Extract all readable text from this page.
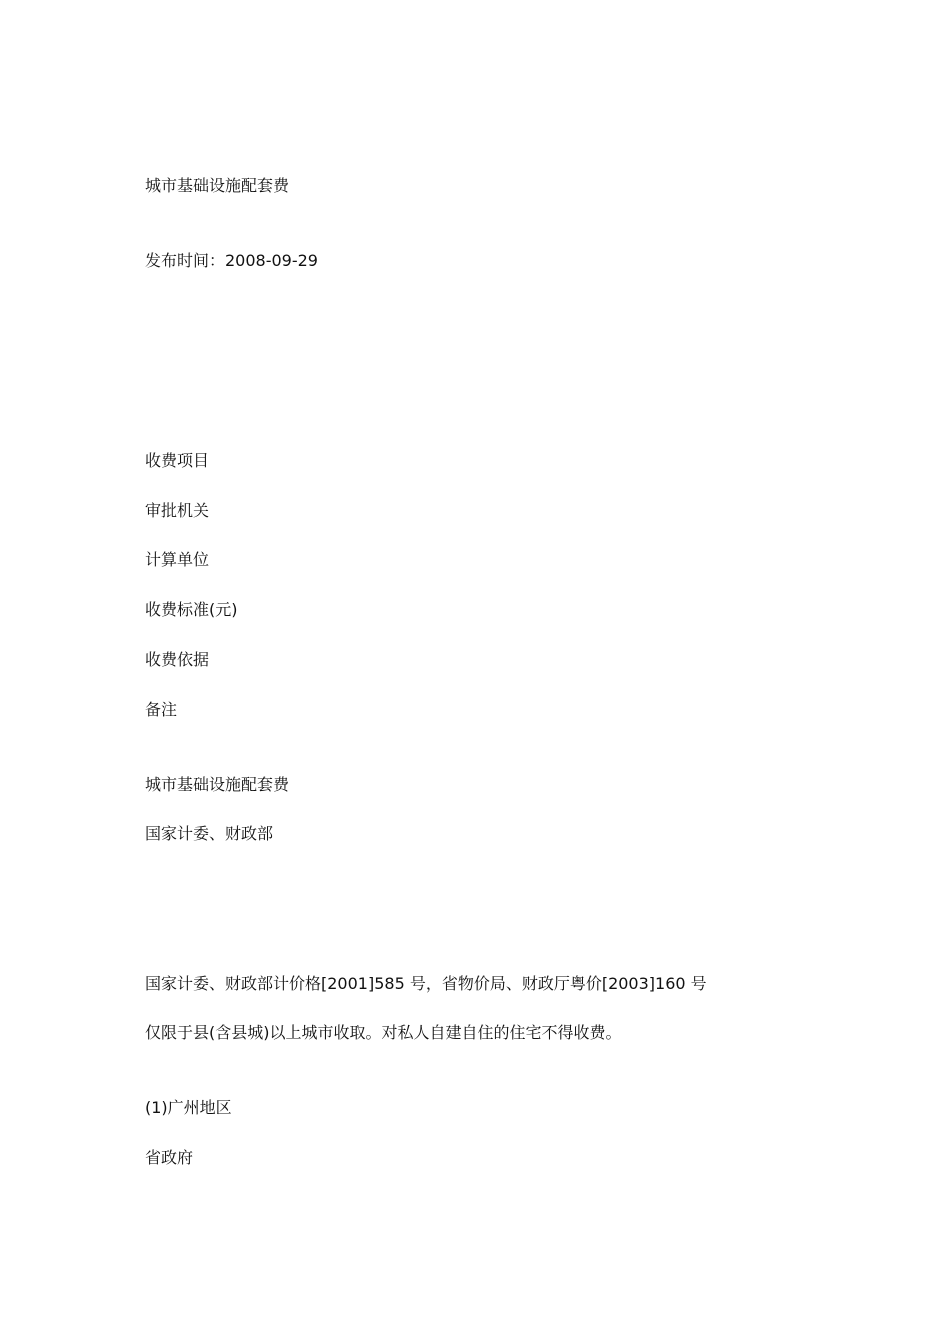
城市基础设施配套费

发布时间：2008-09-29

收费项目

审批机关

计算单位

收费标准(元)

收费依据

备注

城市基础设施配套费

国家计委、财政部

国家计委、财政部计价格[2001]585 号，省物价局、财政厅粤价[2003]160 号

仅限于县(含县城)以上城市收取。对私人自建自住的住宅不得收费。

(1)广州地区

省政府
